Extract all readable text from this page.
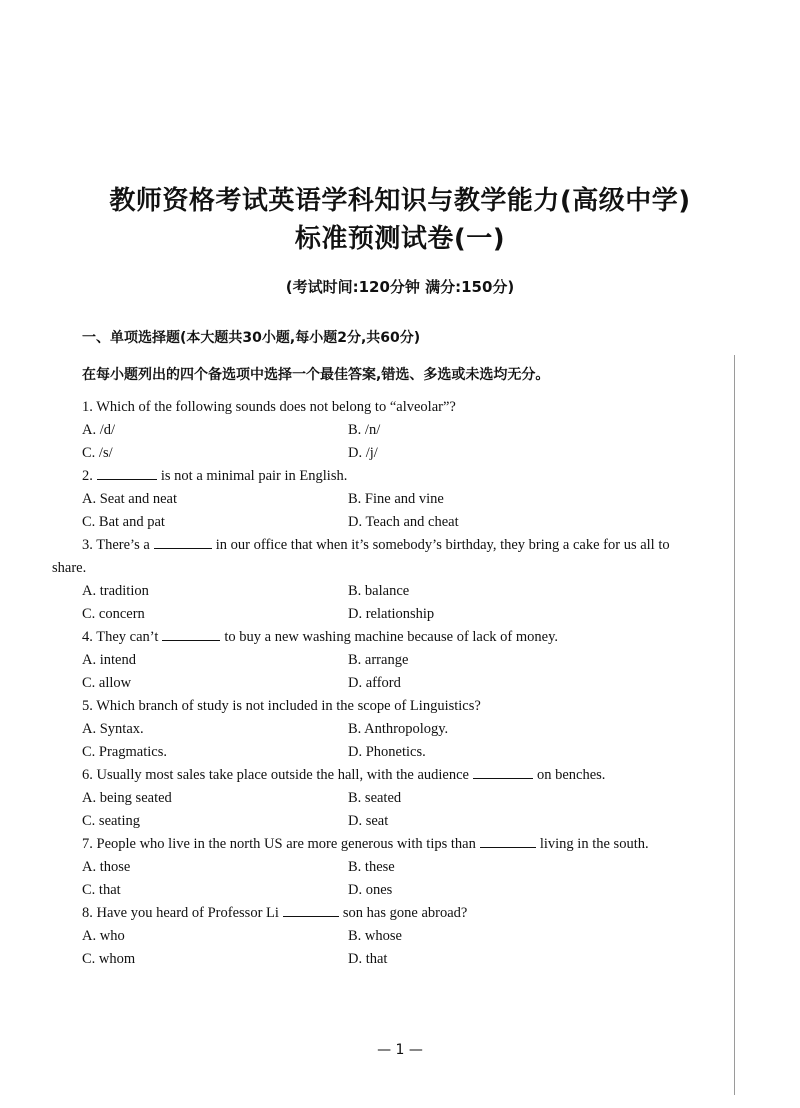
教师资格考试英语学科知识与教学能力(高级中学)
标准预测试卷(一)
(考试时间:120分钟 满分:150分)
一、单项选择题(本大题共30小题,每小题2分,共60分)
在每小题列出的四个备选项中选择一个最佳答案,错选、多选或未选均无分。

1. Which of the following sounds does not belong to “alveolar”?

A. /d/	B. /n/
C. /s/	D. /j/

2.	is not a minimal pair in English.

A. Seat and neat	B. Fine and vine
C. Bat and pat	D. Teach and cheat

3. There’s a	in our office that when it’s somebody’s birthday, they bring a cake for us all to share.

A. tradition	B. balance
C. concern	D. relationship

4. They can’t	to buy a new washing machine because of lack of money.

A. intend	B. arrange
C. allow	D. afford

5. Which branch of study is not included in the scope of Linguistics?

A. Syntax.	B. Anthropology.
C. Pragmatics.	D. Phonetics.

6. Usually most sales take place outside the hall, with the audience	on benches.

A. being seated	B. seated
C. seating	D. seat

7. People who live in the north US are more generous with tips than	living in the south.

A. those	B. these
C. that	D. ones

8. Have you heard of Professor Li	son has gone abroad?

A. who	B. whose
C. whom	D. that
— 1 —
